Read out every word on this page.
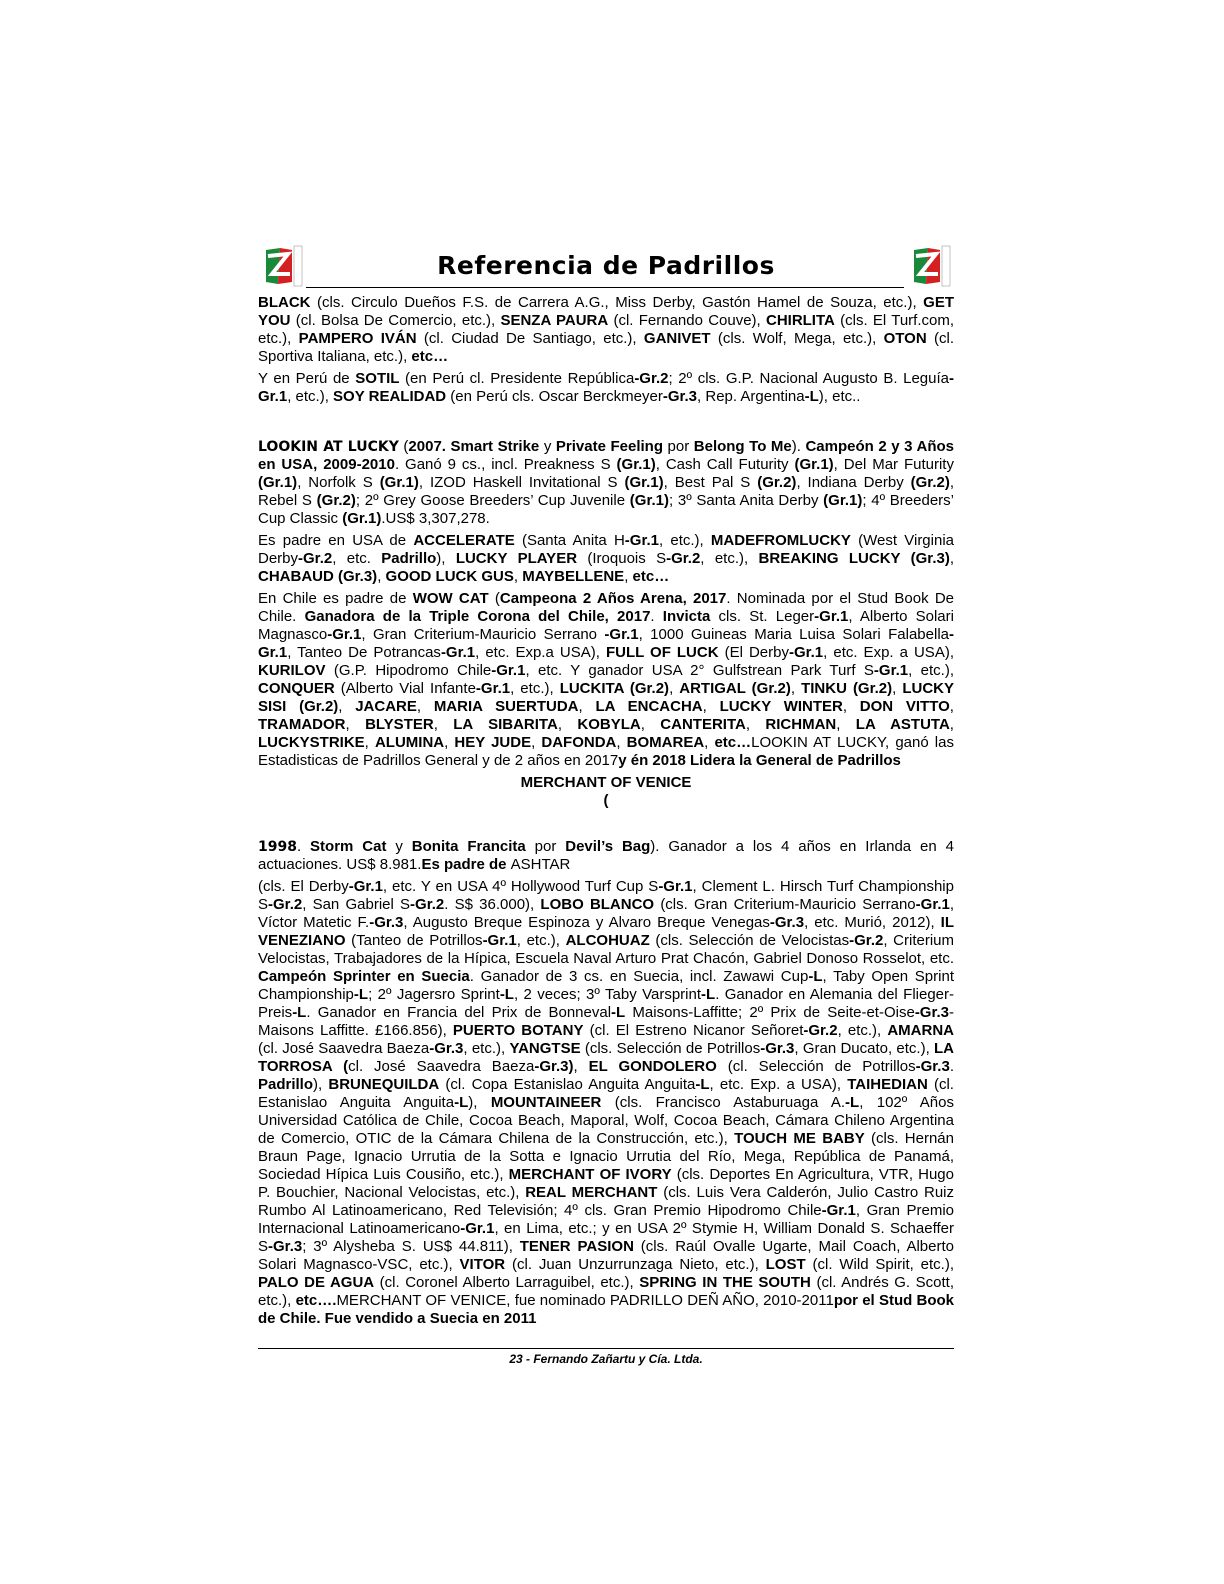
Referencia de Padrillos

BLACK (cls. Circulo Dueños F.S. de Carrera A.G., Miss Derby, Gastón Hamel de Souza, etc.), GET YOU (cl. Bolsa De Comercio, etc.), SENZA PAURA (cl. Fernando Couve), CHIRLITA (cls. El Turf.com, etc.), PAMPERO IVÁN (cl. Ciudad De Santiago, etc.), GANIVET (cls. Wolf, Mega, etc.), OTON (cl. Sportiva Italiana, etc.), etc…

Y en Perú de SOTIL (en Perú cl. Presidente República-Gr.2; 2º cls. G.P. Nacional Augusto B. Leguía-Gr.1, etc.), SOY REALIDAD (en Perú cls. Oscar Berckmeyer-Gr.3, Rep. Argentina-L), etc..

LOOKIN AT LUCKY (2007. Smart Strike y Private Feeling por Belong To Me). Campeón 2 y 3 Años en USA, 2009-2010. Ganó 9 cs., incl. Preakness S (Gr.1), Cash Call Futurity (Gr.1), Del Mar Futurity (Gr.1), Norfolk S (Gr.1), IZOD Haskell Invitational S (Gr.1), Best Pal S (Gr.2), Indiana Derby (Gr.2), Rebel S (Gr.2); 2º Grey Goose Breeders’ Cup Juvenile (Gr.1); 3º Santa Anita Derby (Gr.1); 4º Breeders’ Cup Classic (Gr.1).US$ 3,307,278.

Es padre en USA de ACCELERATE (Santa Anita H-Gr.1, etc.), MADEFROMLUCKY (West Virginia Derby-Gr.2, etc. Padrillo), LUCKY PLAYER (Iroquois S-Gr.2, etc.), BREAKING LUCKY (Gr.3), CHABAUD (Gr.3), GOOD LUCK GUS, MAYBELLENE, etc…

En Chile es padre de WOW CAT (Campeona 2 Años Arena, 2017. Nominada por el Stud Book De Chile. Ganadora de la Triple Corona del Chile, 2017. Invicta cls. St. Leger-Gr.1, Alberto Solari Magnasco-Gr.1, Gran Criterium-Mauricio Serrano -Gr.1, 1000 Guineas Maria Luisa Solari Falabella-Gr.1, Tanteo De Potrancas-Gr.1, etc. Exp.a USA), FULL OF LUCK (El Derby-Gr.1, etc. Exp. a USA), KURILOV (G.P. Hipodromo Chile-Gr.1, etc. Y ganador USA 2° Gulfstrean Park Turf S-Gr.1, etc.), CONQUER (Alberto Vial Infante-Gr.1, etc.), LUCKITA (Gr.2), ARTIGAL (Gr.2), TINKU (Gr.2), LUCKY SISI (Gr.2), JACARE, MARIA SUERTUDA, LA ENCACHA, LUCKY WINTER, DON VITTO, TRAMADOR, BLYSTER, LA SIBARITA, KOBYLA, CANTERITA, RICHMAN, LA ASTUTA, LUCKYSTRIKE, ALUMINA, HEY JUDE, DAFONDA, BOMAREA, etc…LOOKIN AT LUCKY, ganó las Estadisticas de Padrillos General y de 2 años en 2017y én 2018 Lidera la General de Padrillos

MERCHANT OF VENICE
(

1998. Storm Cat y Bonita Francita por Devil’s Bag). Ganador a los 4 años en Irlanda en 4 actuaciones. US$ 8.981.Es padre de ASHTAR

(cls. El Derby-Gr.1, etc. Y en USA 4º Hollywood Turf Cup S-Gr.1, Clement L. Hirsch Turf Championship S-Gr.2, San Gabriel S-Gr.2. S$ 36.000), LOBO BLANCO (cls. Gran Criterium-Mauricio Serrano-Gr.1, Víctor Matetic F.-Gr.3, Augusto Breque Espinoza y Alvaro Breque Venegas-Gr.3, etc. Murió, 2012), IL VENEZIANO (Tanteo de Potrillos-Gr.1, etc.), ALCOHUAZ (cls. Selección de Velocistas-Gr.2, Criterium Velocistas, Trabajadores de la Hípica, Escuela Naval Arturo Prat Chacón, Gabriel Donoso Rosselot, etc. Campeón Sprinter en Suecia. Ganador de 3 cs. en Suecia, incl. Zawawi Cup-L, Taby Open Sprint Championship-L; 2º Jagersro Sprint-L, 2 veces; 3º Taby Varsprint-L. Ganador en Alemania del Flieger-Preis-L. Ganador en Francia del Prix de Bonneval-L Maisons-Laffitte; 2º Prix de Seite-et-Oise-Gr.3-Maisons Laffitte. £166.856), PUERTO BOTANY (cl. El Estreno Nicanor Señoret-Gr.2, etc.), AMARNA (cl. José Saavedra Baeza-Gr.3, etc.), YANGTSE (cls. Selección de Potrillos-Gr.3, Gran Ducato, etc.), LA TORROSA (cl. José Saavedra Baeza-Gr.3), EL GONDOLERO (cl. Selección de Potrillos-Gr.3. Padrillo), BRUNEQUILDA (cl. Copa Estanislao Anguita Anguita-L, etc. Exp. a USA), TAIHEDIAN (cl. Estanislao Anguita Anguita-L), MOUNTAINEER (cls. Francisco Astaburuaga A.-L, 102º Años Universidad Católica de Chile, Cocoa Beach, Maporal, Wolf, Cocoa Beach, Cámara Chileno Argentina de Comercio, OTIC de la Cámara Chilena de la Construcción, etc.), TOUCH ME BABY (cls. Hernán Braun Page, Ignacio Urrutia de la Sotta e Ignacio Urrutia del Río, Mega, República de Panamá, Sociedad Hípica Luis Cousiño, etc.), MERCHANT OF IVORY (cls. Deportes En Agricultura, VTR, Hugo P. Bouchier, Nacional Velocistas, etc.), REAL MERCHANT (cls. Luis Vera Calderón, Julio Castro Ruiz Rumbo Al Latinoamericano, Red Televisión; 4º cls. Gran Premio Hipodromo Chile-Gr.1, Gran Premio Internacional Latinoamericano-Gr.1, en Lima, etc.; y en USA 2º Stymie H, William Donald S. Schaeffer S-Gr.3; 3º Alysheba S. US$ 44.811), TENER PASION (cls. Raúl Ovalle Ugarte, Mail Coach, Alberto Solari Magnasco-VSC, etc.), VITOR (cl. Juan Unzurrunzaga Nieto, etc.), LOST (cl. Wild Spirit, etc.), PALO DE AGUA (cl. Coronel Alberto Larraguibel, etc.), SPRING IN THE SOUTH (cl. Andrés G. Scott, etc.), etc….MERCHANT OF VENICE, fue nominado PADRILLO DEÑ AÑO, 2010-2011por el Stud Book de Chile. Fue vendido a Suecia en 2011

23 - Fernando Zañartu y Cía. Ltda.
